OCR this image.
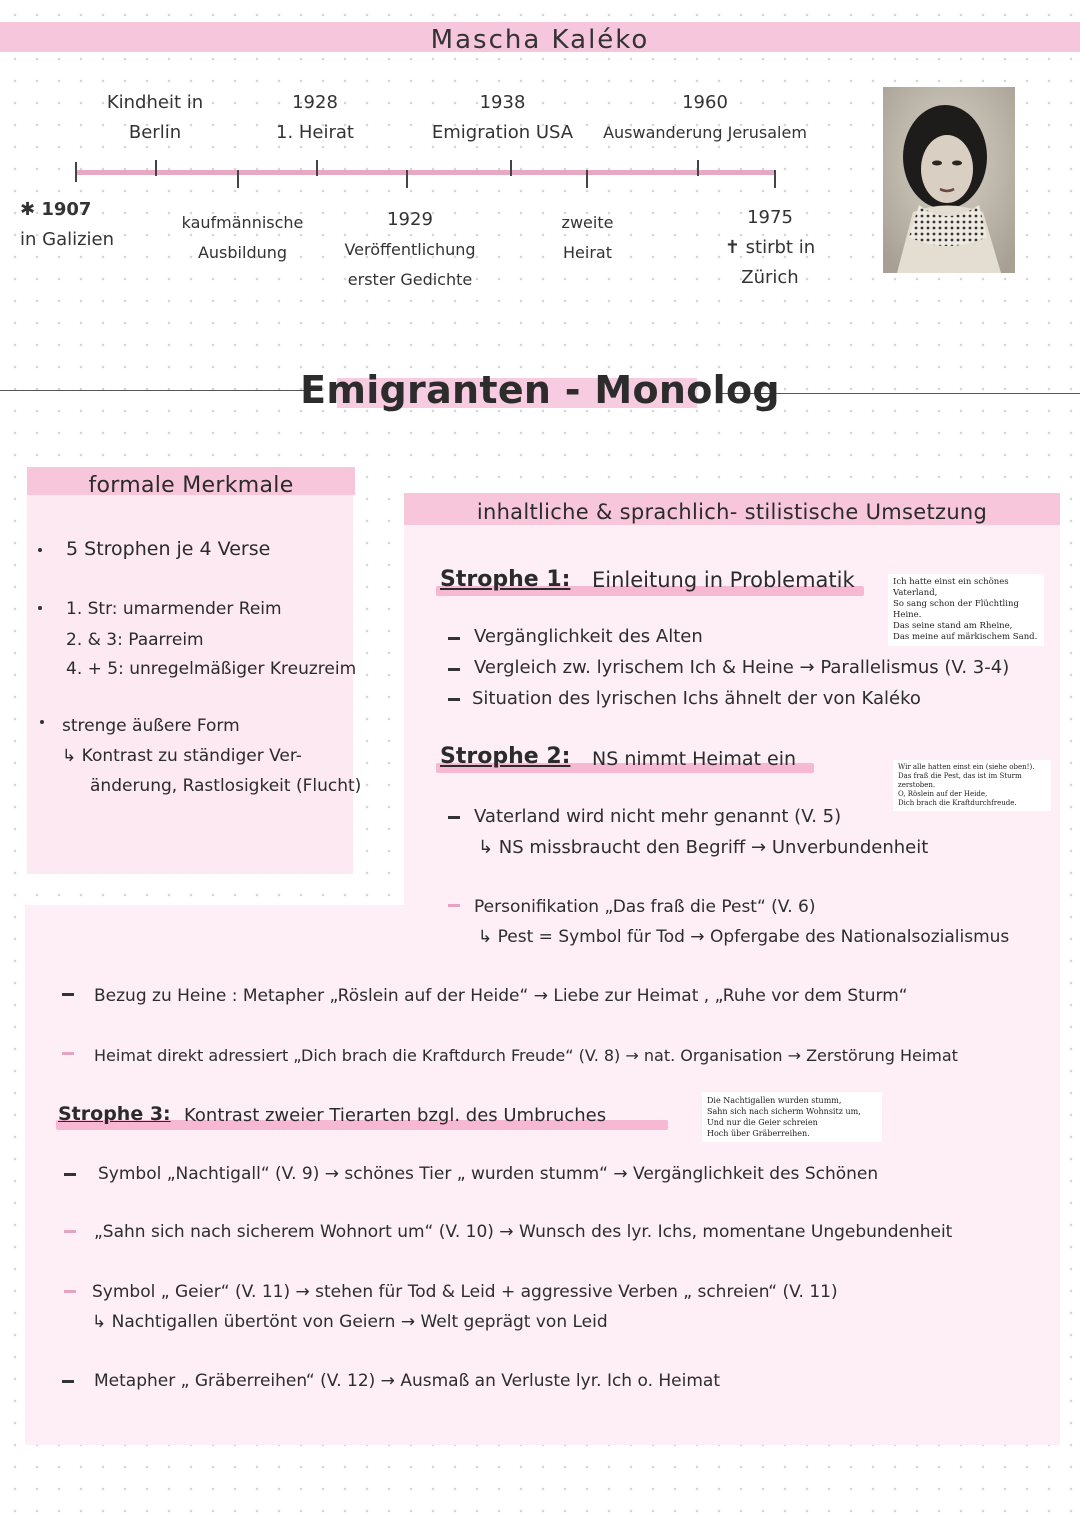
Mascha Kaléko
Kindheit in
Berlin
1928
1. Heirat
1938
Emigration USA
1960
Auswanderung Jerusalem
✱ 1907
in Galizien
kaufmännische
Ausbildung
1929
Veröffentlichung
erster Gedichte
zweite
Heirat
1975
✝ stirbt in
Zürich
Emigranten - Monolog
formale Merkmale
5 Strophen je 4 Verse
1. Str: umarmender Reim
2. & 3: Paarreim
4. + 5: unregelmäßiger Kreuzreim
strenge äußere Form
↳ Kontrast zu ständiger Ver-
änderung, Rastlosigkeit (Flucht)
inhaltliche & sprachlich- stilistische Umsetzung
Strophe 1: Einleitung in Problematik	Ich hatte einst ein schönes Vaterland,
So sang schon der Flüchtling Heine.
Das seine stand am Rheine,
Das meine auf märkischem Sand.
Vergänglichkeit des Alten
Vergleich zw. lyrischem Ich & Heine → Parallelismus (V. 3-4)
Situation des lyrischen Ichs ähnelt der von Kaléko
Strophe 2: NS nimmt Heimat ein	Wir alle hatten einst ein (siehe oben!).
Das fraß die Pest, das ist im Sturm zerstoben.
O, Röslein auf der Heide,
Dich brach die Kraftdurchfreude.
Vaterland wird nicht mehr genannt (V. 5)
↳ NS missbraucht den Begriff → Unverbundenheit
Personifikation „Das fraß die Pest“ (V. 6)
↳ Pest = Symbol für Tod → Opfergabe des Nationalsozialismus
Bezug zu Heine : Metapher „Röslein auf der Heide“ → Liebe zur Heimat , „Ruhe vor dem Sturm“
Heimat direkt adressiert „Dich brach die Kraftdurch Freude“ (V. 8) → nat. Organisation → Zerstörung Heimat
Strophe 3: Kontrast zweier Tierarten bzgl. des Umbruches
Die Nachtigallen wurden stumm,
Sahn sich nach sicherm Wohnsitz um,
Und nur die Geier schreien
Hoch über Gräberreihen.
Symbol „Nachtigall“ (V. 9) → schönes Tier „ wurden stumm“ → Vergänglichkeit des Schönen
„Sahn sich nach sicherem Wohnort um“ (V. 10) → Wunsch des lyr. Ichs, momentane Ungebundenheit
Symbol „ Geier“ (V. 11) → stehen für Tod & Leid + aggressive Verben „ schreien“ (V. 11)
↳ Nachtigallen übertönt von Geiern → Welt geprägt von Leid
Metapher „ Gräberreihen“ (V. 12) → Ausmaß an Verluste lyr. Ich o. Heimat
